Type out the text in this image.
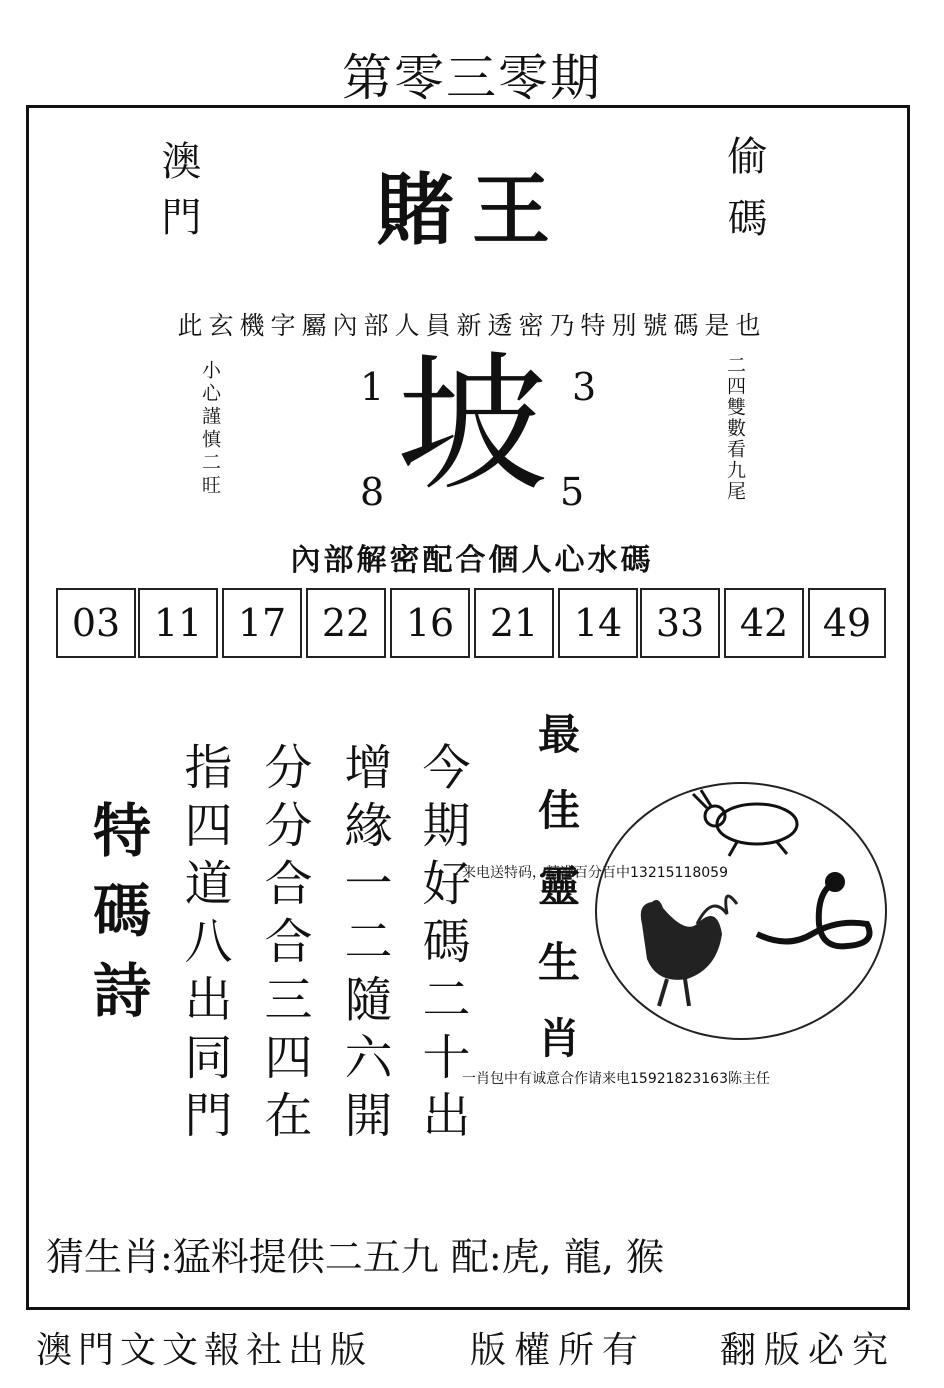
第零三零期
澳門	賭王	偷碼
此玄機字屬內部人員新透密乃特別號碼是也
小心謹慎二旺	二四雙數看九尾
坡
1	3
8	5
內部解密配合個人心水碼
03 11 17 22 16 21 14 33 42 49
特碼詩 指四道八出同門 分分合合三四在 增緣一二隨六開 今期好碼二十出 最佳靈生肖
来电送特码，精准百分百中13215118059
一肖包中有诚意合作请来电15921823163陈主任
猜生肖:猛料提供二五九 配:虎, 龍, 猴
澳門文文報社出版	版權所有 翻版必究
